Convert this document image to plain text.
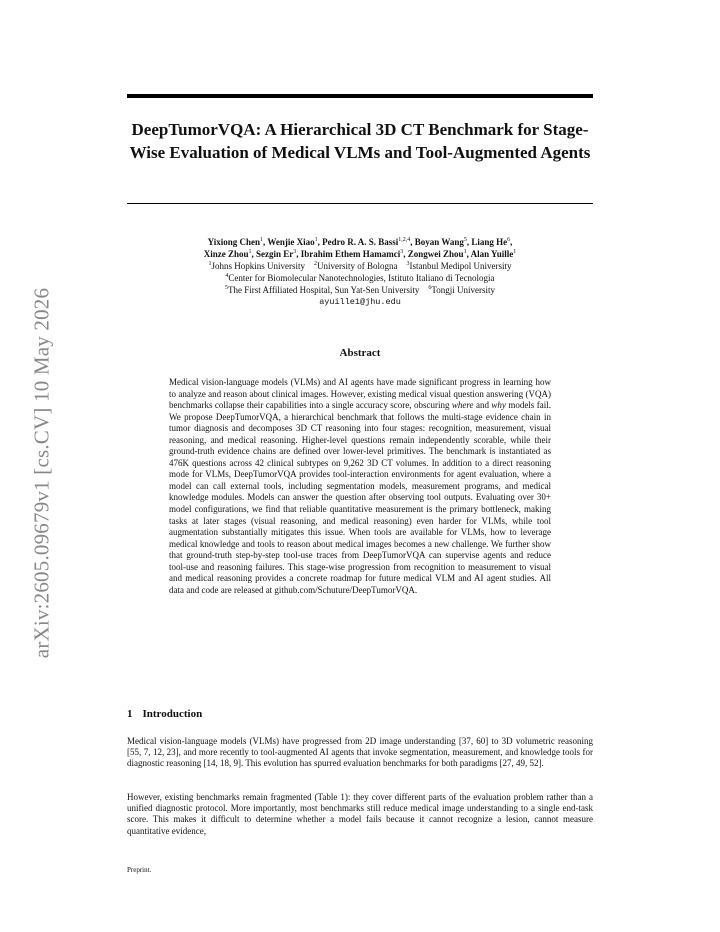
arXiv:2605.09679v1 [cs.CV] 10 May 2026
DeepTumorVQA: A Hierarchical 3D CT Benchmark for Stage-Wise Evaluation of Medical VLMs and Tool-Augmented Agents
Yixiong Chen$^1$, Wenjie Xiao$^1$, Pedro R. A. S. Bassi$^{1,2,4}$, Boyan Wang$^5$, Liang He$^6$,
Xinze Zhou$^1$, Sezgin Er$^3$, Ibrahim Ethem Hamamci$^3$, Zongwei Zhou$^1$, Alan Yuille$^1$
$^1$Johns Hopkins University $^2$University of Bologna $^3$Istanbul Medipol University
$^4$Center for Biomolecular Nanotechnologies, Istituto Italiano di Tecnologia
$^5$The First Affiliated Hospital, Sun Yat-Sen University $^6$Tongji University
ayuille1@jhu.edu
Abstract

Medical vision-language models (VLMs) and AI agents have made significant progress in learning how to analyze and reason about clinical images. However, existing medical visual question answering (VQA) benchmarks collapse their capabilities into a single accuracy score, obscuring where and why models fail. We propose DeepTumorVQA, a hierarchical benchmark that follows the multi-stage evidence chain in tumor diagnosis and decomposes 3D CT reasoning into four stages: recognition, measurement, visual reasoning, and medical reasoning. Higher-level questions remain independently scorable, while their ground-truth evidence chains are defined over lower-level primitives. The benchmark is instantiated as 476K questions across 42 clinical subtypes on 9,262 3D CT volumes. In addition to a direct reasoning mode for VLMs, DeepTumorVQA provides tool-interaction environments for agent evaluation, where a model can call external tools, including segmentation models, measurement programs, and medical knowledge modules. Models can answer the question after observing tool outputs. Evaluating over 30+ model configurations, we find that reliable quantitative measurement is the primary bottleneck, making tasks at later stages (visual reasoning, and medical reasoning) even harder for VLMs, while tool augmentation substantially mitigates this issue. When tools are available for VLMs, how to leverage medical knowledge and tools to reason about medical images becomes a new challenge. We further show that ground-truth step-by-step tool-use traces from DeepTumorVQA can supervise agents and reduce tool-use and reasoning failures. This stage-wise progression from recognition to measurement to visual and medical reasoning provides a concrete roadmap for future medical VLM and AI agent studies. All data and code are released at github.com/Schuture/DeepTumorVQA.

1 Introduction

Medical vision-language models (VLMs) have progressed from 2D image understanding [37, 60] to 3D volumetric reasoning [55, 7, 12, 23], and more recently to tool-augmented AI agents that invoke segmentation, measurement, and knowledge tools for diagnostic reasoning [14, 18, 9]. This evolution has spurred evaluation benchmarks for both paradigms [27, 49, 52].

However, existing benchmarks remain fragmented (Table 1): they cover different parts of the evaluation problem rather than a unified diagnostic protocol. More importantly, most benchmarks still reduce medical image understanding to a single end-task score. This makes it difficult to determine whether a model fails because it cannot recognize a lesion, cannot measure quantitative evidence,

Preprint.
